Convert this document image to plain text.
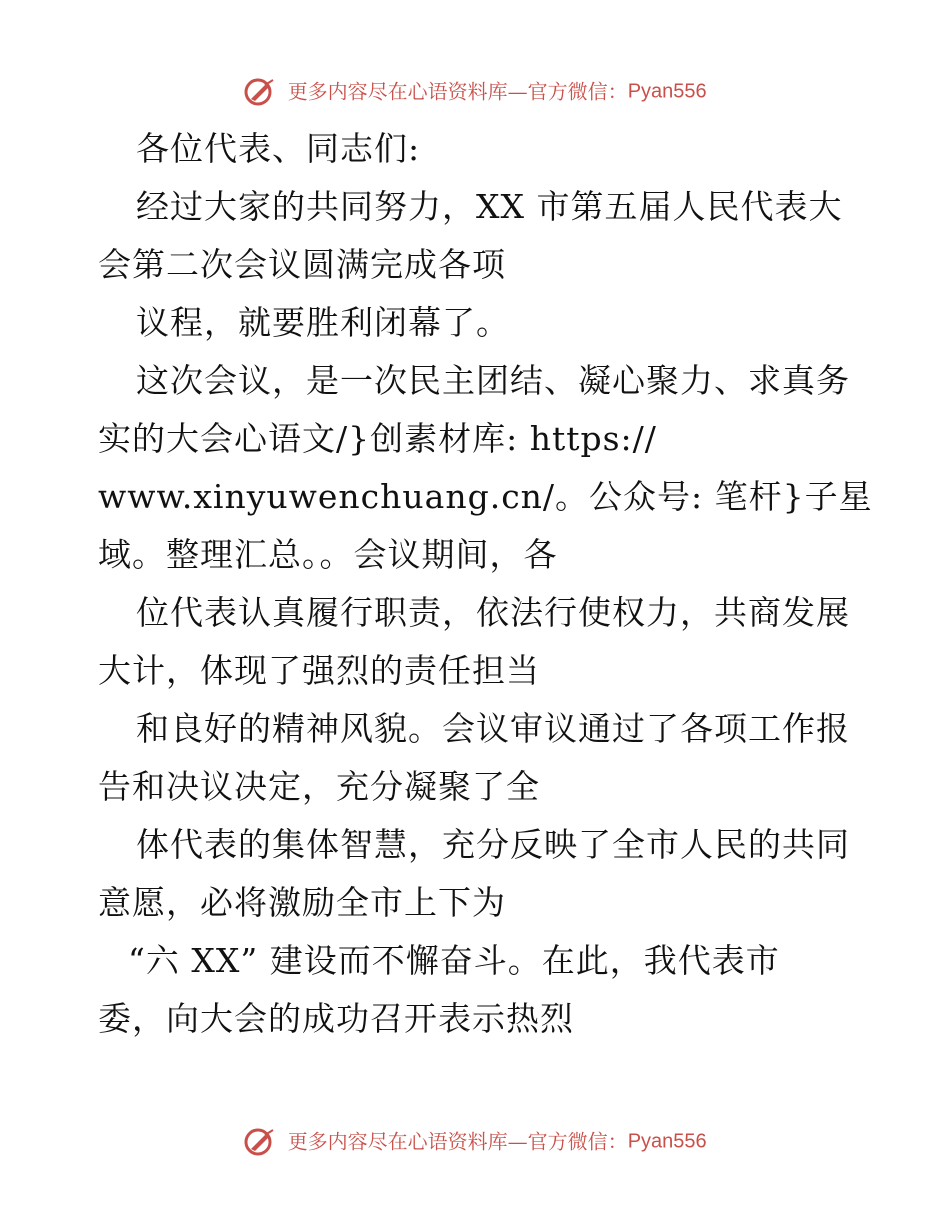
更多内容尽在心语资料库—官方微信：Pyan556
各位代表、同志们:
经过大家的共同努力，XX 市第五届人民代表大
会第二次会议圆满完成各项
议程，就要胜利闭幕了。
这次会议，是一次民主团结、凝心聚力、求真务
实的大会心语文/}创素材库: https://
www.xinyuwenchuang.cn/。公众号: 笔杆}子星
域。整理汇总。。会议期间，各
位代表认真履行职责，依法行使权力，共商发展
大计，体现了强烈的责任担当
和良好的精神风貌。会议审议通过了各项工作报
告和决议决定，充分凝聚了全
体代表的集体智慧，充分反映了全市人民的共同
意愿，必将激励全市上下为
“六 XX” 建设而不懈奋斗。在此，我代表市
委，向大会的成功召开表示热烈
更多内容尽在心语资料库—官方微信：Pyan556
